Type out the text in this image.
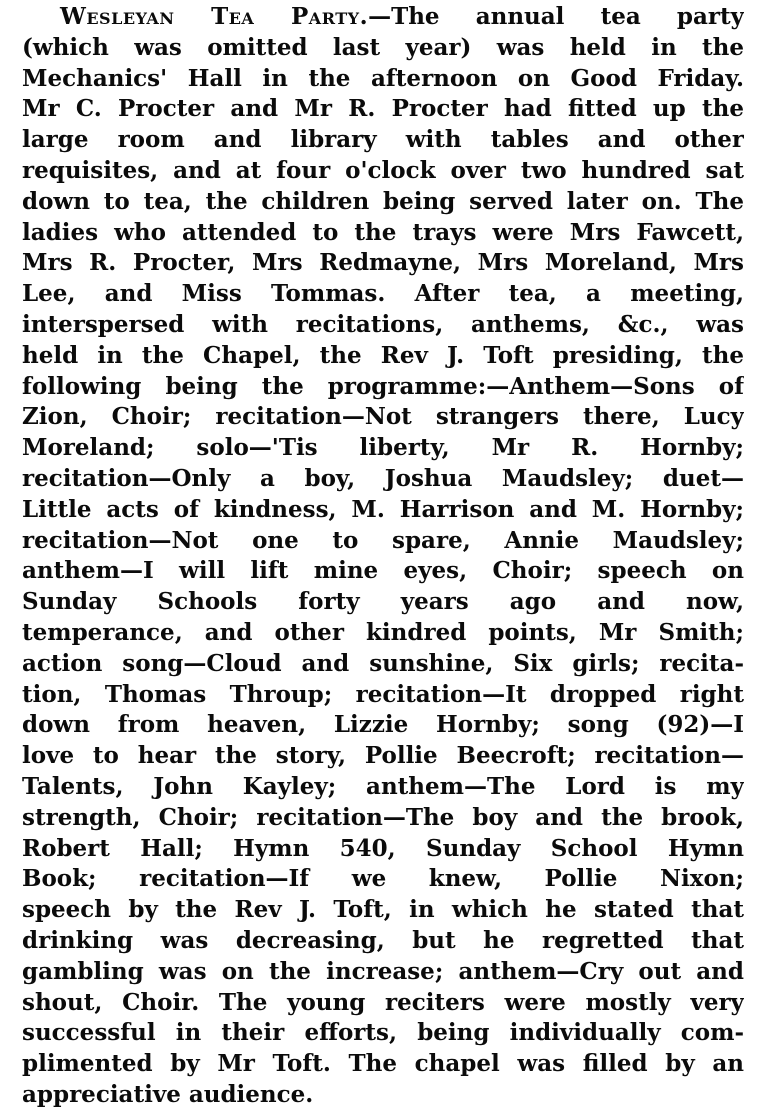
Wesleyan Tea Party.—The annual tea party
(which was omitted last year) was held in the
Mechanics' Hall in the afternoon on Good Friday.
Mr C. Procter and Mr R. Procter had fitted up the
large room and library with tables and other
requisites, and at four o'clock over two hundred sat
down to tea, the children being served later on. The
ladies who attended to the trays were Mrs Fawcett,
Mrs R. Procter, Mrs Redmayne, Mrs Moreland, Mrs
Lee, and Miss Tommas. After tea, a meeting,
interspersed with recitations, anthems, &c., was
held in the Chapel, the Rev J. Toft presiding, the
following being the programme:—Anthem—Sons of
Zion, Choir; recitation—Not strangers there, Lucy
Moreland; solo—'Tis liberty, Mr R. Hornby;
recitation—Only a boy, Joshua Maudsley; duet—
Little acts of kindness, M. Harrison and M. Hornby;
recitation—Not one to spare, Annie Maudsley;
anthem—I will lift mine eyes, Choir; speech on
Sunday Schools forty years ago and now,
temperance, and other kindred points, Mr Smith;
action song—Cloud and sunshine, Six girls; recita-
tion, Thomas Throup; recitation—It dropped right
down from heaven, Lizzie Hornby; song (92)—I
love to hear the story, Pollie Beecroft; recitation—
Talents, John Kayley; anthem—The Lord is my
strength, Choir; recitation—The boy and the brook,
Robert Hall; Hymn 540, Sunday School Hymn
Book; recitation—If we knew, Pollie Nixon;
speech by the Rev J. Toft, in which he stated that
drinking was decreasing, but he regretted that
gambling was on the increase; anthem—Cry out and
shout, Choir. The young reciters were mostly very
successful in their efforts, being individually com-
plimented by Mr Toft. The chapel was filled by an
appreciative audience.
